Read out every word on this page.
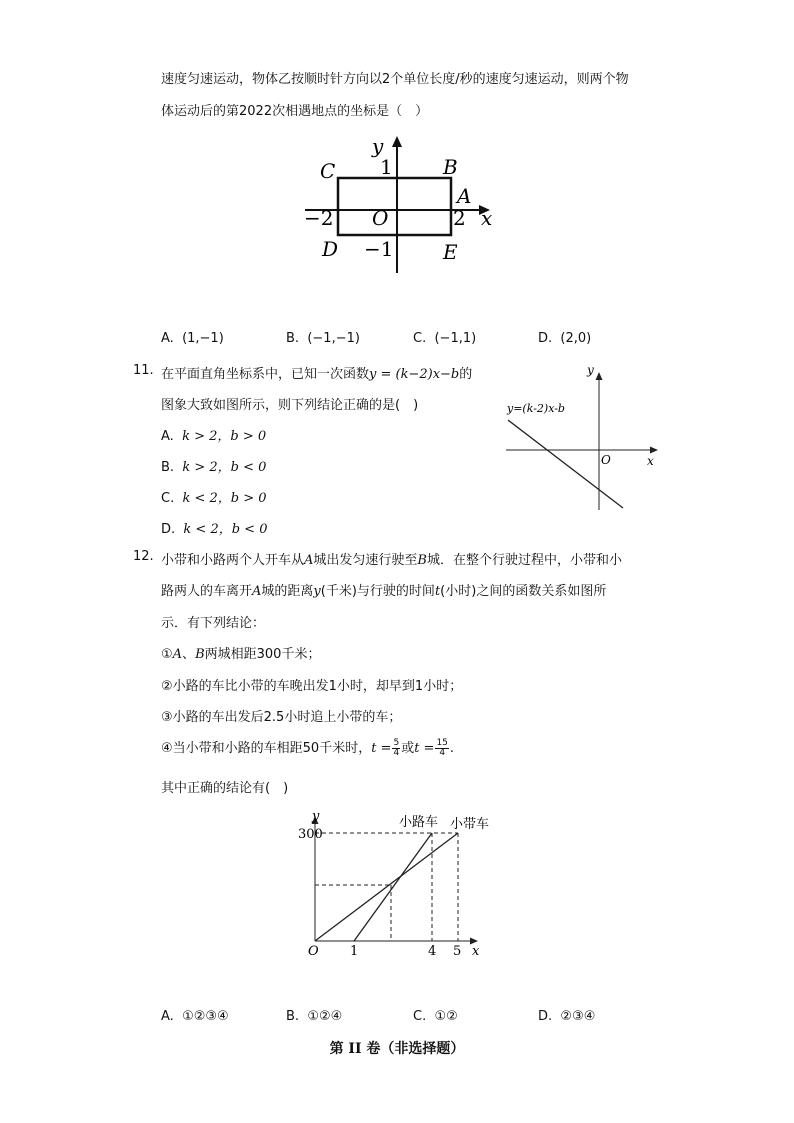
速度匀速运动，物体乙按顺时针方向以2个单位长度/秒的速度匀速运动，则两个物
体运动后的第2022次相遇地点的坐标是（　）
y
x
C	B
A
O
D	E
1
−1
−2	2
A. (1,−1)	B. (−1,−1)	C. (−1,1)	D. (2,0)
11. 在平面直角坐标系中，已知一次函数y = (k−2)x−b的
图象大致如图所示，则下列结论正确的是(　)
A. k > 2，b > 0
B. k > 2，b < 0
C. k < 2，b > 0
D. k < 2，b < 0
y=(k-2)x-b
y
x
O
12. 小带和小路两个人开车从A城出发匀速行驶至B城．在整个行驶过程中，小带和小
路两人的车离开A城的距离y(千米)与行驶的时间t(小时)之间的函数关系如图所
示．有下列结论：
①A、B两城相距300千米；
②小路的车比小带的车晚出发1小时，却早到1小时；
③小路的车出发后2.5小时追上小带的车；
④当小带和小路的车相距50千米时，$t = \frac{5}{4}$ 或$t = \frac{15}{4}$ .
其中正确的结论有(　)
小路车 小带车
y
x
300
O 1	4 5
A. ①②③④	B. ①②④	C. ①②	D. ②③④
第 II 卷（非选择题）
